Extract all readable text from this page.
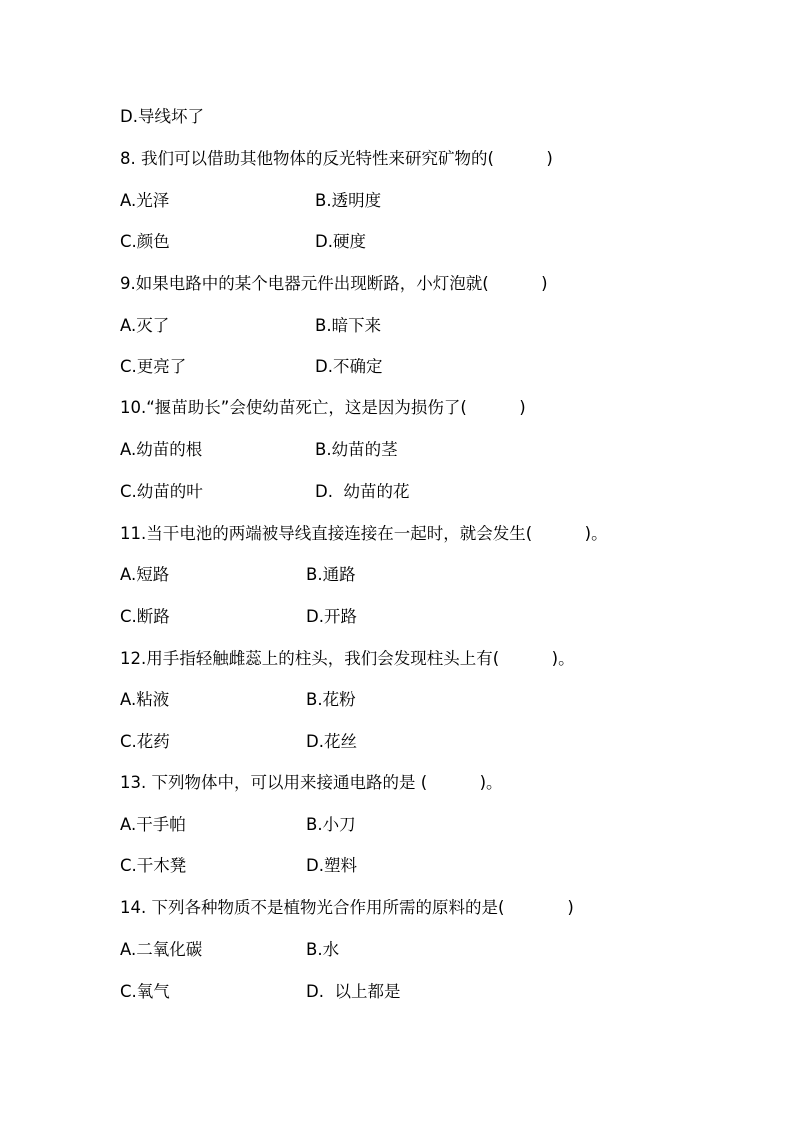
D.导线坏了
8. 我们可以借助其他物体的反光特性来研究矿物的(          )
A.光泽	B.透明度
C.颜色	D.硬度
9.如果电路中的某个电器元件出现断路，小灯泡就(          )
A.灭了	B.暗下来
C.更亮了	D.不确定
10.“揠苗助长”会使幼苗死亡，这是因为损伤了(          )
A.幼苗的根	B.幼苗的茎
C.幼苗的叶	D.  幼苗的花
11.当干电池的两端被导线直接连接在一起时，就会发生(          )。
A.短路	B.通路
C.断路	D.开路
12.用手指轻触雌蕊上的柱头，我们会发现柱头上有(          )。
A.粘液	B.花粉
C.花药	D.花丝
13. 下列物体中，可以用来接通电路的是 (          )。
A.干手帕	B.小刀
C.干木凳	D.塑料
14. 下列各种物质不是植物光合作用所需的原料的是(            )
A.二氧化碳	B.水
C.氧气	D.  以上都是
